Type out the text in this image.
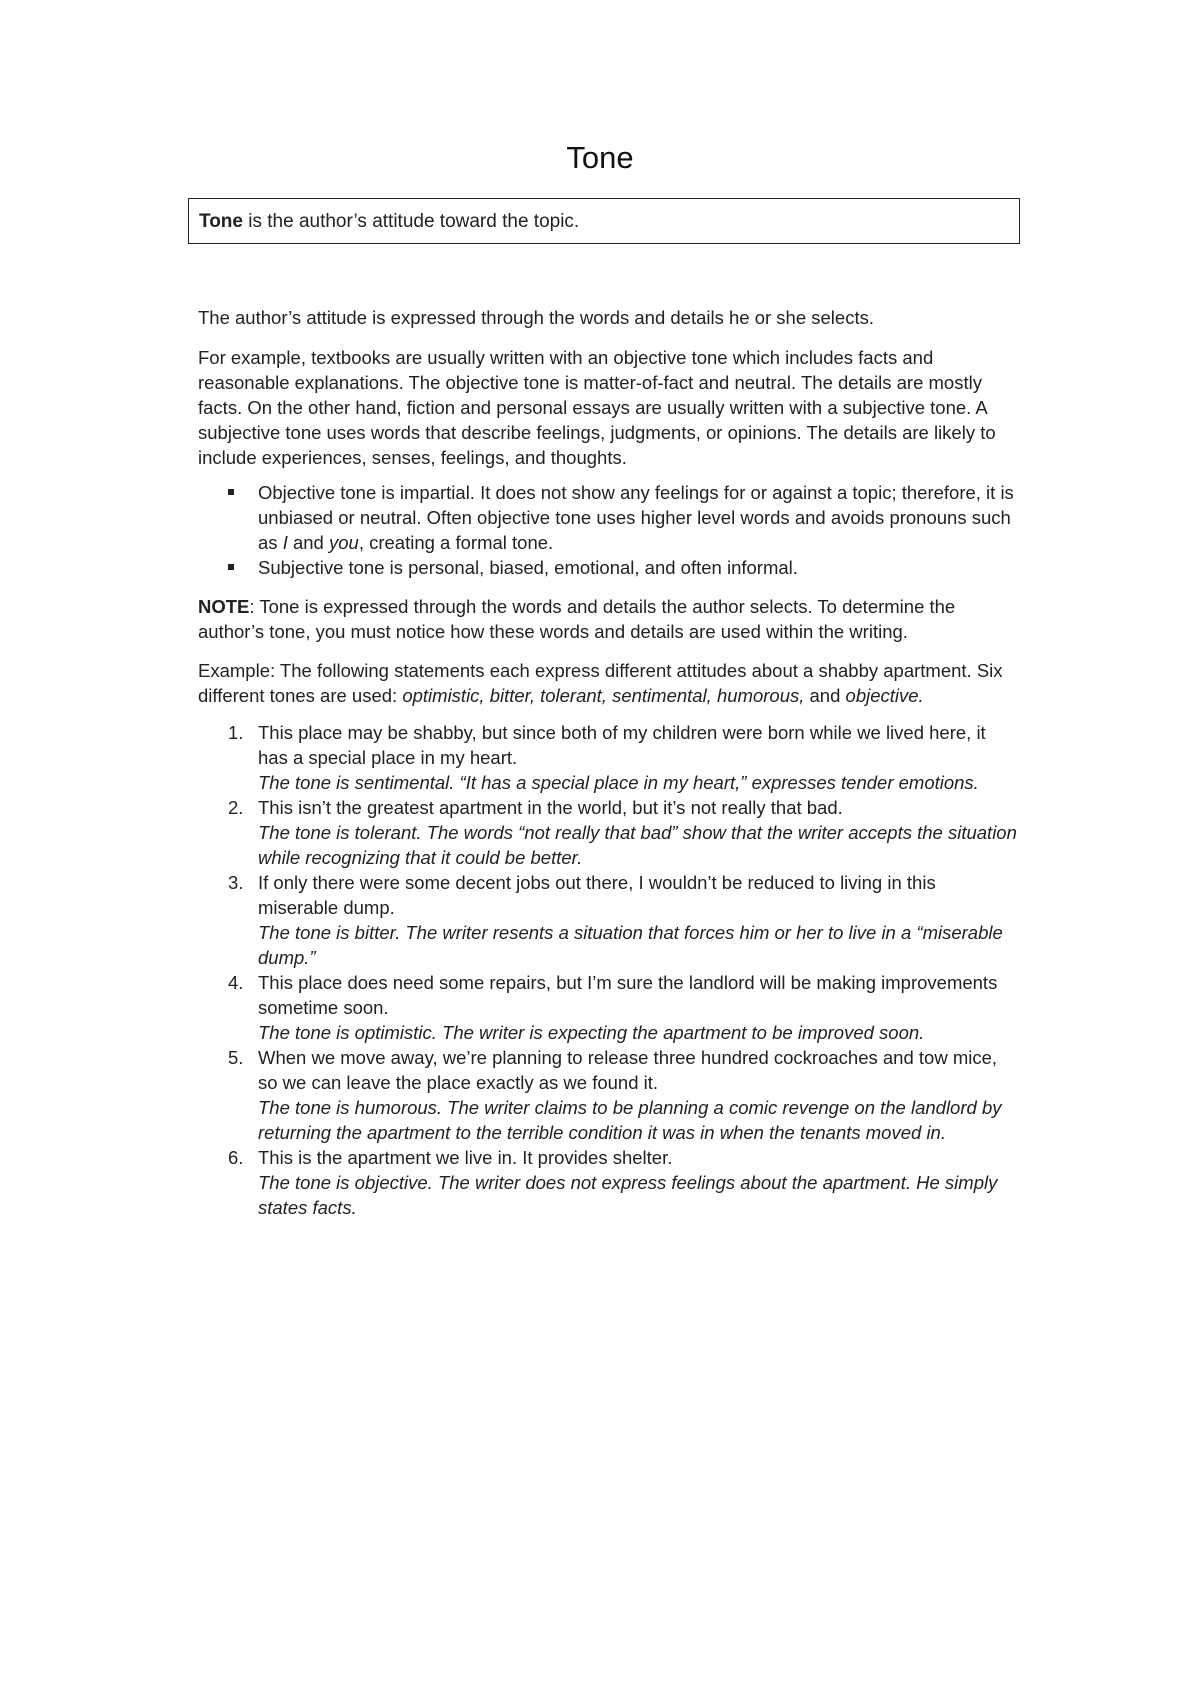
Tone
Tone is the author’s attitude toward the topic.

The author’s attitude is expressed through the words and details he or she selects.

For example, textbooks are usually written with an objective tone which includes facts and reasonable explanations. The objective tone is matter-of-fact and neutral. The details are mostly facts. On the other hand, fiction and personal essays are usually written with a subjective tone. A subjective tone uses words that describe feelings, judgments, or opinions. The details are likely to include experiences, senses, feelings, and thoughts.

Objective tone is impartial. It does not show any feelings for or against a topic; therefore, it is unbiased or neutral. Often objective tone uses higher level words and avoids pronouns such as I and you, creating a formal tone.
Subjective tone is personal, biased, emotional, and often informal.

NOTE: Tone is expressed through the words and details the author selects. To determine the author’s tone, you must notice how these words and details are used within the writing.

Example: The following statements each express different attitudes about a shabby apartment. Six different tones are used: optimistic, bitter, tolerant, sentimental, humorous, and objective.

1. This place may be shabby, but since both of my children were born while we lived here, it has a special place in my heart.
The tone is sentimental. “It has a special place in my heart,” expresses tender emotions.
2. This isn’t the greatest apartment in the world, but it’s not really that bad.
The tone is tolerant. The words “not really that bad” show that the writer accepts the situation while recognizing that it could be better.
3. If only there were some decent jobs out there, I wouldn’t be reduced to living in this miserable dump.
The tone is bitter. The writer resents a situation that forces him or her to live in a “miserable dump.”
4. This place does need some repairs, but I’m sure the landlord will be making improvements sometime soon.
The tone is optimistic. The writer is expecting the apartment to be improved soon.
5. When we move away, we’re planning to release three hundred cockroaches and tow mice, so we can leave the place exactly as we found it.
The tone is humorous. The writer claims to be planning a comic revenge on the landlord by returning the apartment to the terrible condition it was in when the tenants moved in.
6. This is the apartment we live in. It provides shelter.
The tone is objective. The writer does not express feelings about the apartment. He simply states facts.
